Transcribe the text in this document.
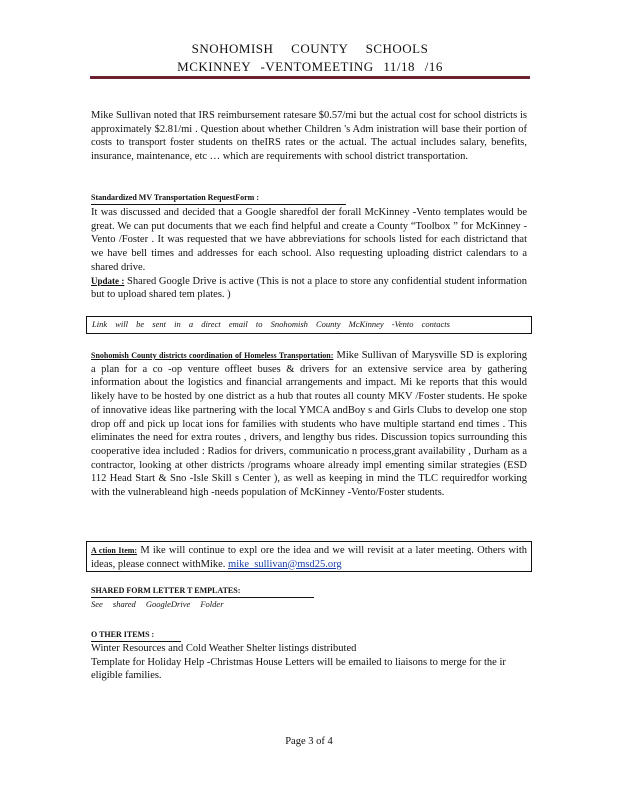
SNOHOMISH COUNTY SCHOOLS
MCKINNEY -VENTOMEETING 11/18 /16

Mike Sullivan noted that IRS reimbursement ratesare $0.57/mi but the actual cost for school districts is approximately $2.81/mi . Question about whether Children 's Adm inistration will base their portion of costs to transport foster students on theIRS rates or the actual. The actual includes salary, benefits, insurance, maintenance, etc … which are requirements with school district transportation.

Standardized MV Transportation RequestForm :

It was discussed and decided that a Google sharedfol der forall McKinney -Vento templates would be great. We can put documents that we each find helpful and create a County “Toolbox ” for McKinney -Vento /Foster . It was requested that we have abbreviations for schools listed for each districtand that we have bell times and addresses for each school. Also requesting uploading district calendars to a shared drive.

Update : Shared Google Drive is active (This is not a place to store any confidential student information but to upload shared tem plates. )

Link will be sent in a direct email to Snohomish County McKinney -Vento contacts

Snohomish County districts coordination of Homeless Transportation: Mike Sullivan of Marysville SD is exploring a plan for a co -op venture offleet buses & drivers for an extensive service area by gathering information about the logistics and financial arrangements and impact. Mi ke reports that this would likely have to be hosted by one district as a hub that routes all county MKV /Foster students. He spoke of innovative ideas like partnering with the local YMCA andBoy s and Girls Clubs to develop one stop drop off and pick up locat ions for families with students who have multiple startand end times . This eliminates the need for extra routes , drivers, and lengthy bus rides. Discussion topics surrounding this cooperative idea included : Radios for drivers, communicatio n process,grant availability , Durham as a contractor, looking at other districts /programs whoare already impl ementing similar strategies (ESD 112 Head Start & Sno -Isle Skill s Center ), as well as keeping in mind the TLC requiredfor working with the vulnerableand high -needs population of McKinney -Vento/Foster students.

A ction Item: M ike will continue to expl ore the idea and we will revisit at a later meeting. Others with ideas, please connect withMike. mike_sullivan@msd25.org
SHARED FORM LETTER T EMPLATES:

See shared GoogleDrive Folder

O THER ITEMS :

Winter Resources and Cold Weather Shelter listings distributed

Template for Holiday Help -Christmas House Letters will be emailed to liaisons to merge for the ir eligible families.

Page 3 of 4
